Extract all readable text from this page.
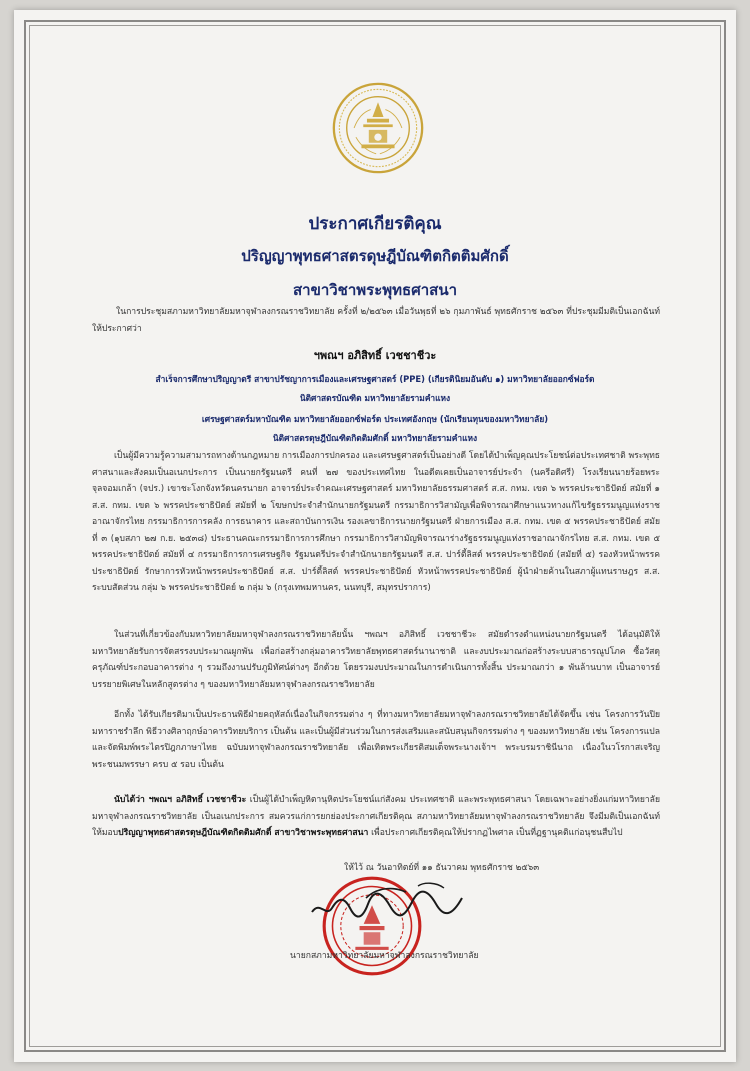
ประกาศเกียรติคุณ
ปริญญาพุทธศาสตรดุษฎีบัณฑิตกิตติมศักดิ์
สาขาวิชาพระพุทธศาสนา
ในการประชุมสภามหาวิทยาลัยมหาจุฬาลงกรณราชวิทยาลัย ครั้งที่ ๒/๒๕๖๓ เมื่อวันพุธที่ ๒๖ กุมภาพันธ์ พุทธศักราช ๒๕๖๓ ที่ประชุมมีมติเป็นเอกฉันท์ให้ประกาศว่า
ฯพณฯ อภิสิทธิ์ เวชชาชีวะ
สำเร็จการศึกษาปริญญาตรี สาขาปรัชญาการเมืองและเศรษฐศาสตร์ (PPE) (เกียรตินิยมอันดับ ๑) มหาวิทยาลัยออกซ์ฟอร์ด
นิติศาสตรบัณฑิต มหาวิทยาลัยรามคำแหง
เศรษฐศาสตร์มหาบัณฑิต มหาวิทยาลัยออกซ์ฟอร์ด ประเทศอังกฤษ (นักเรียนทุนของมหาวิทยาลัย)
นิติศาสตรดุษฎีบัณฑิตกิตติมศักดิ์ มหาวิทยาลัยรามคำแหง
เป็นผู้มีความรู้ความสามารถทางด้านกฎหมาย การเมืองการปกครอง และเศรษฐศาสตร์เป็นอย่างดี โดยได้บำเพ็ญคุณประโยชน์ต่อประเทศชาติ พระพุทธศาสนาและสังคมเป็นอเนกประการ เป็นนายกรัฐมนตรี คนที่ ๒๗ ของประเทศไทย ในอดีตเคยเป็นอาจารย์ประจำ (นครีอดิศรี) โรงเรียนนายร้อยพระจุลจอมเกล้า (จปร.) เขาชะโงกจังหวัดนครนายก อาจารย์ประจำคณะเศรษฐศาสตร์ มหาวิทยาลัยธรรมศาสตร์ ส.ส. กทม. เขต ๖ พรรคประชาธิปัตย์ สมัยที่ ๑ ส.ส. กทม. เขต ๖ พรรคประชาธิปัตย์ สมัยที่ ๒ โฆษกประจำสำนักนายกรัฐมนตรี กรรมาธิการวิสามัญเพื่อพิจารณาศึกษาแนวทางแก้ไขรัฐธรรมนูญแห่งราชอาณาจักรไทย กรรมาธิการการคลัง การธนาคาร และสถาบันการเงิน รองเลขาธิการนายกรัฐมนตรี ฝ่ายการเมือง ส.ส. กทม. เขต ๕ พรรคประชาธิปัตย์ สมัยที่ ๓ (๑ุบสภา ๒๗ ก.ย. ๒๕๓๘) ประธานคณะกรรมาธิการการศึกษา กรรมาธิการวิสามัญพิจารณาร่างรัฐธรรมนูญแห่งราชอาณาจักรไทย ส.ส. กทม. เขต ๕ พรรคประชาธิปัตย์ สมัยที่ ๔ กรรมาธิการการเศรษฐกิจ รัฐมนตรีประจำสำนักนายกรัฐมนตรี ส.ส. ปาร์ตี้ลิสต์ พรรคประชาธิปัตย์ (สมัยที่ ๕) รองหัวหน้าพรรคประชาธิปัตย์ รักษาการหัวหน้าพรรคประชาธิปัตย์ ส.ส. ปาร์ตี้ลิสต์ พรรคประชาธิปัตย์ หัวหน้าพรรคประชาธิปัตย์ ผู้นำฝ่ายค้านในสภาผู้แทนราษฎร ส.ส. ระบบสัดส่วน กลุ่ม ๖ พรรคประชาธิปัตย์ ๒ กลุ่ม ๖ (กรุงเทพมหานคร, นนทบุรี, สมุทรปราการ)
ในส่วนที่เกี่ยวข้องกับมหาวิทยาลัยมหาจุฬาลงกรณราชวิทยาลัยนั้น ฯพณฯ อภิสิทธิ์ เวชชาชีวะ สมัยดำรงตำแหน่งนายกรัฐมนตรี ได้อนุมัติให้มหาวิทยาลัยรับการจัดสรรงบประมาณผูกพัน เพื่อก่อสร้างกลุ่มอาคารวิทยาลัยพุทธศาสตร์นานาชาติ และงบประมาณก่อสร้างระบบสาธารณูปโภค ซื้อวัสดุครุภัณฑ์ประกอบอาคารต่าง ๆ รวมถึงงานปรับภูมิทัศน์ต่างๆ อีกด้วย โดยรวมงบประมาณในการดำเนินการทั้งสิ้น ประมาณกว่า ๑ พันล้านบาท เป็นอาจารย์บรรยายพิเศษในหลักสูตรต่าง ๆ ของมหาวิทยาลัยมหาจุฬาลงกรณราชวิทยาลัย
อีกทั้ง ได้รับเกียรติมาเป็นประธานพิธีฝ่ายคฤหัสถ์เนื่องในกิจกรรมต่าง ๆ ที่ทางมหาวิทยาลัยมหาจุฬาลงกรณราชวิทยาลัยได้จัดขึ้น เช่น โครงการวันปิยมหาราชรำลึก พิธีวางศิลาฤกษ์อาคารวิทยบริการ เป็นต้น และเป็นผู้มีส่วนร่วมในการส่งเสริมและสนับสนุนกิจกรรมต่าง ๆ ของมหาวิทยาลัย เช่น โครงการแปลและจัดพิมพ์พระไตรปิฎกภาษาไทย ฉบับมหาจุฬาลงกรณราชวิทยาลัย เพื่อเทิดพระเกียรติสมเด็จพระนางเจ้าฯ พระบรมราชินีนาถ เนื่องในวโรกาสเจริญพระชนมพรรษา ครบ ๕ รอบ เป็นต้น
นับได้ว่า ฯพณฯ อภิสิทธิ์ เวชชาชีวะ เป็นผู้ได้บำเพ็ญหิตานุหิตประโยชน์แก่สังคม ประเทศชาติ และพระพุทธศาสนา โดยเฉพาะอย่างยิ่งแก่มหาวิทยาลัยมหาจุฬาลงกรณราชวิทยาลัย เป็นอเนกประการ สมควรแก่การยกย่องประกาศเกียรติคุณ สภามหาวิทยาลัยมหาจุฬาลงกรณราชวิทยาลัย จึงมีมติเป็นเอกฉันท์ให้มอบปริญญาพุทธศาสตรดุษฎีบัณฑิตกิตติมศักดิ์ สาขาวิชาพระพุทธศาสนา เพื่อประกาศเกียรติคุณให้ปรากฏไพศาล เป็นที่ฏฐานุคติแก่อนุชนสืบไป
ให้ไว้ ณ วันอาทิตย์ที่ ๑๑ ธันวาคม พุทธศักราช ๒๕๖๓
นายกสภามหาวิทยาลัยมหาจุฬาลงกรณราชวิทยาลัย
